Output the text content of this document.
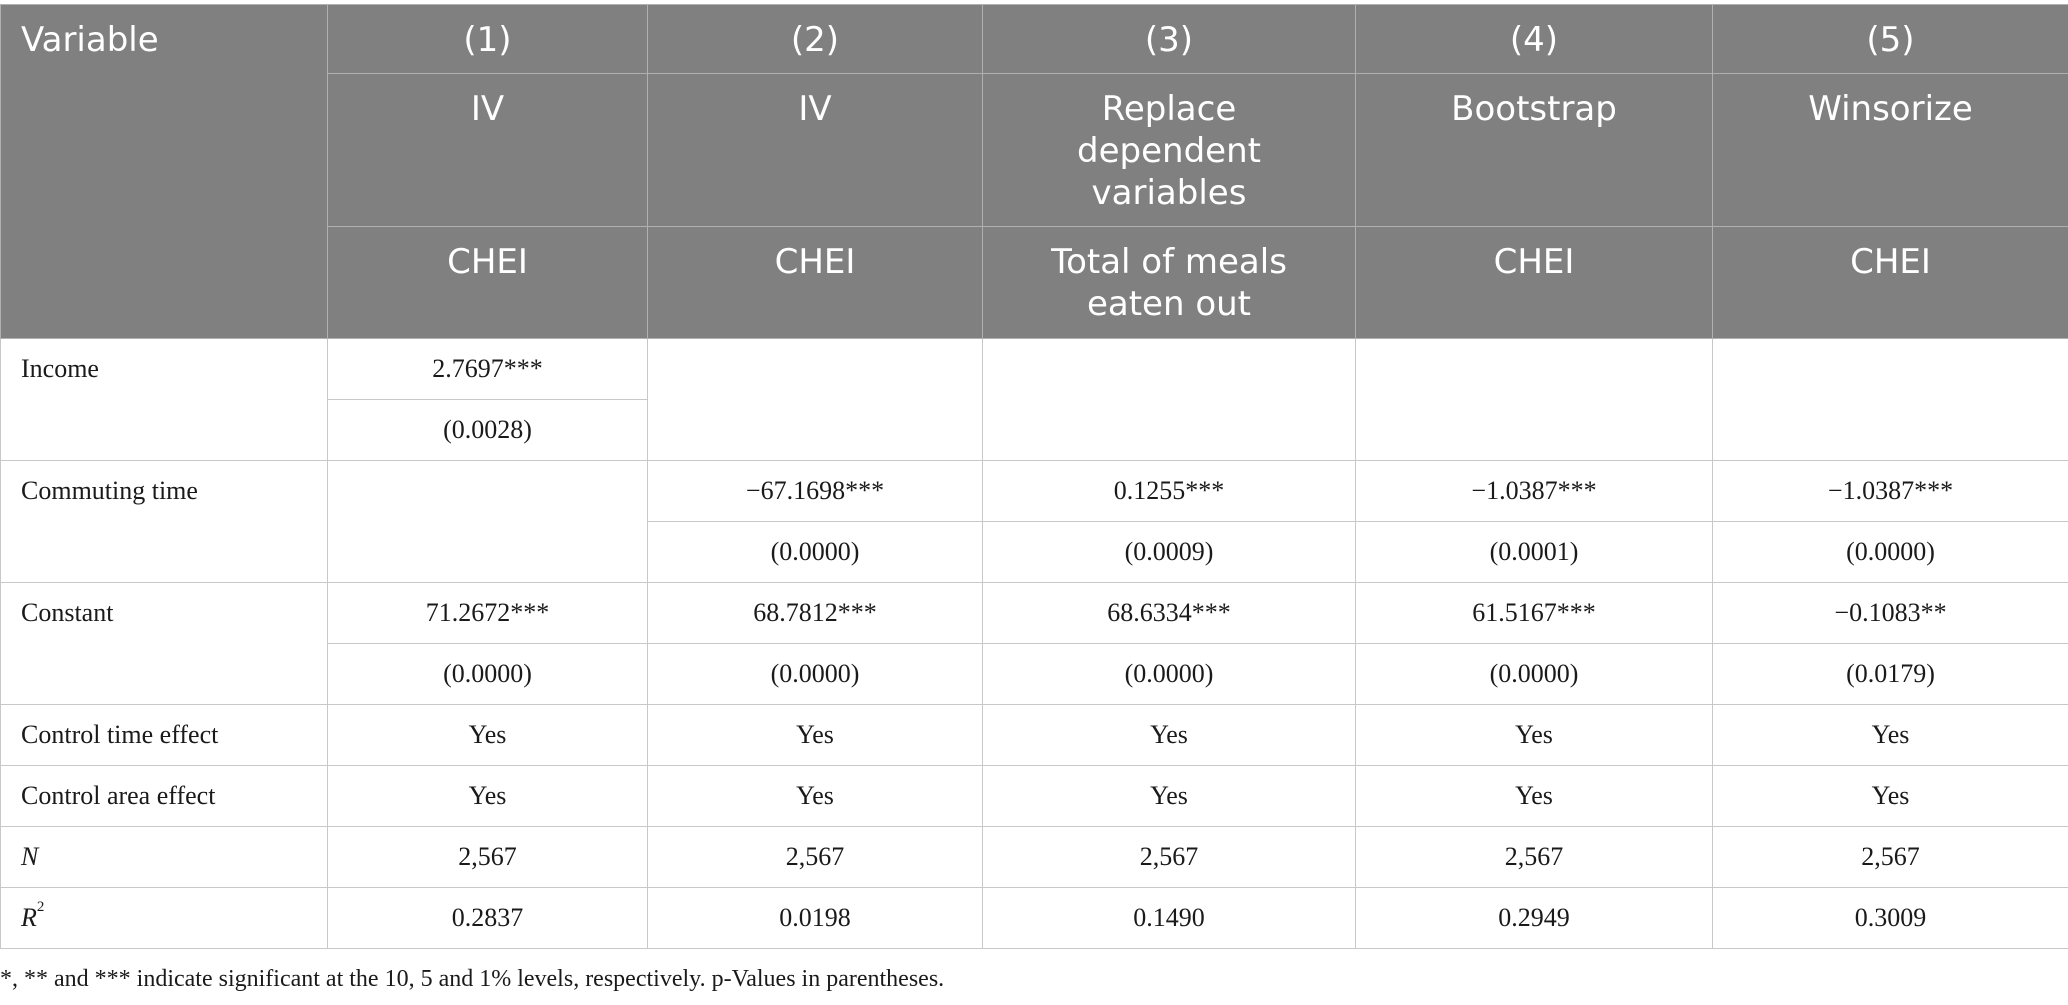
Variable	(1)	(2)	(3)	(4)	(5)
	IV	IV	Replace dependent variables	Bootstrap	Winsorize
	CHEI	CHEI	Total of meals eaten out	CHEI	CHEI
Income	2.7697***				
	(0.0028)				
Commuting time		−67.1698***	0.1255***	−1.0387***	−1.0387***
		(0.0000)	(0.0009)	(0.0001)	(0.0000)
Constant	71.2672***	68.7812***	68.6334***	61.5167***	−0.1083**
	(0.0000)	(0.0000)	(0.0000)	(0.0000)	(0.0179)
Control time effect	Yes	Yes	Yes	Yes	Yes
Control area effect	Yes	Yes	Yes	Yes	Yes
N	2,567	2,567	2,567	2,567	2,567
$R^2$	0.2837	0.0198	0.1490	0.2949	0.3009
*, ** and *** indicate significant at the 10, 5 and 1% levels, respectively. p-Values in parentheses.
